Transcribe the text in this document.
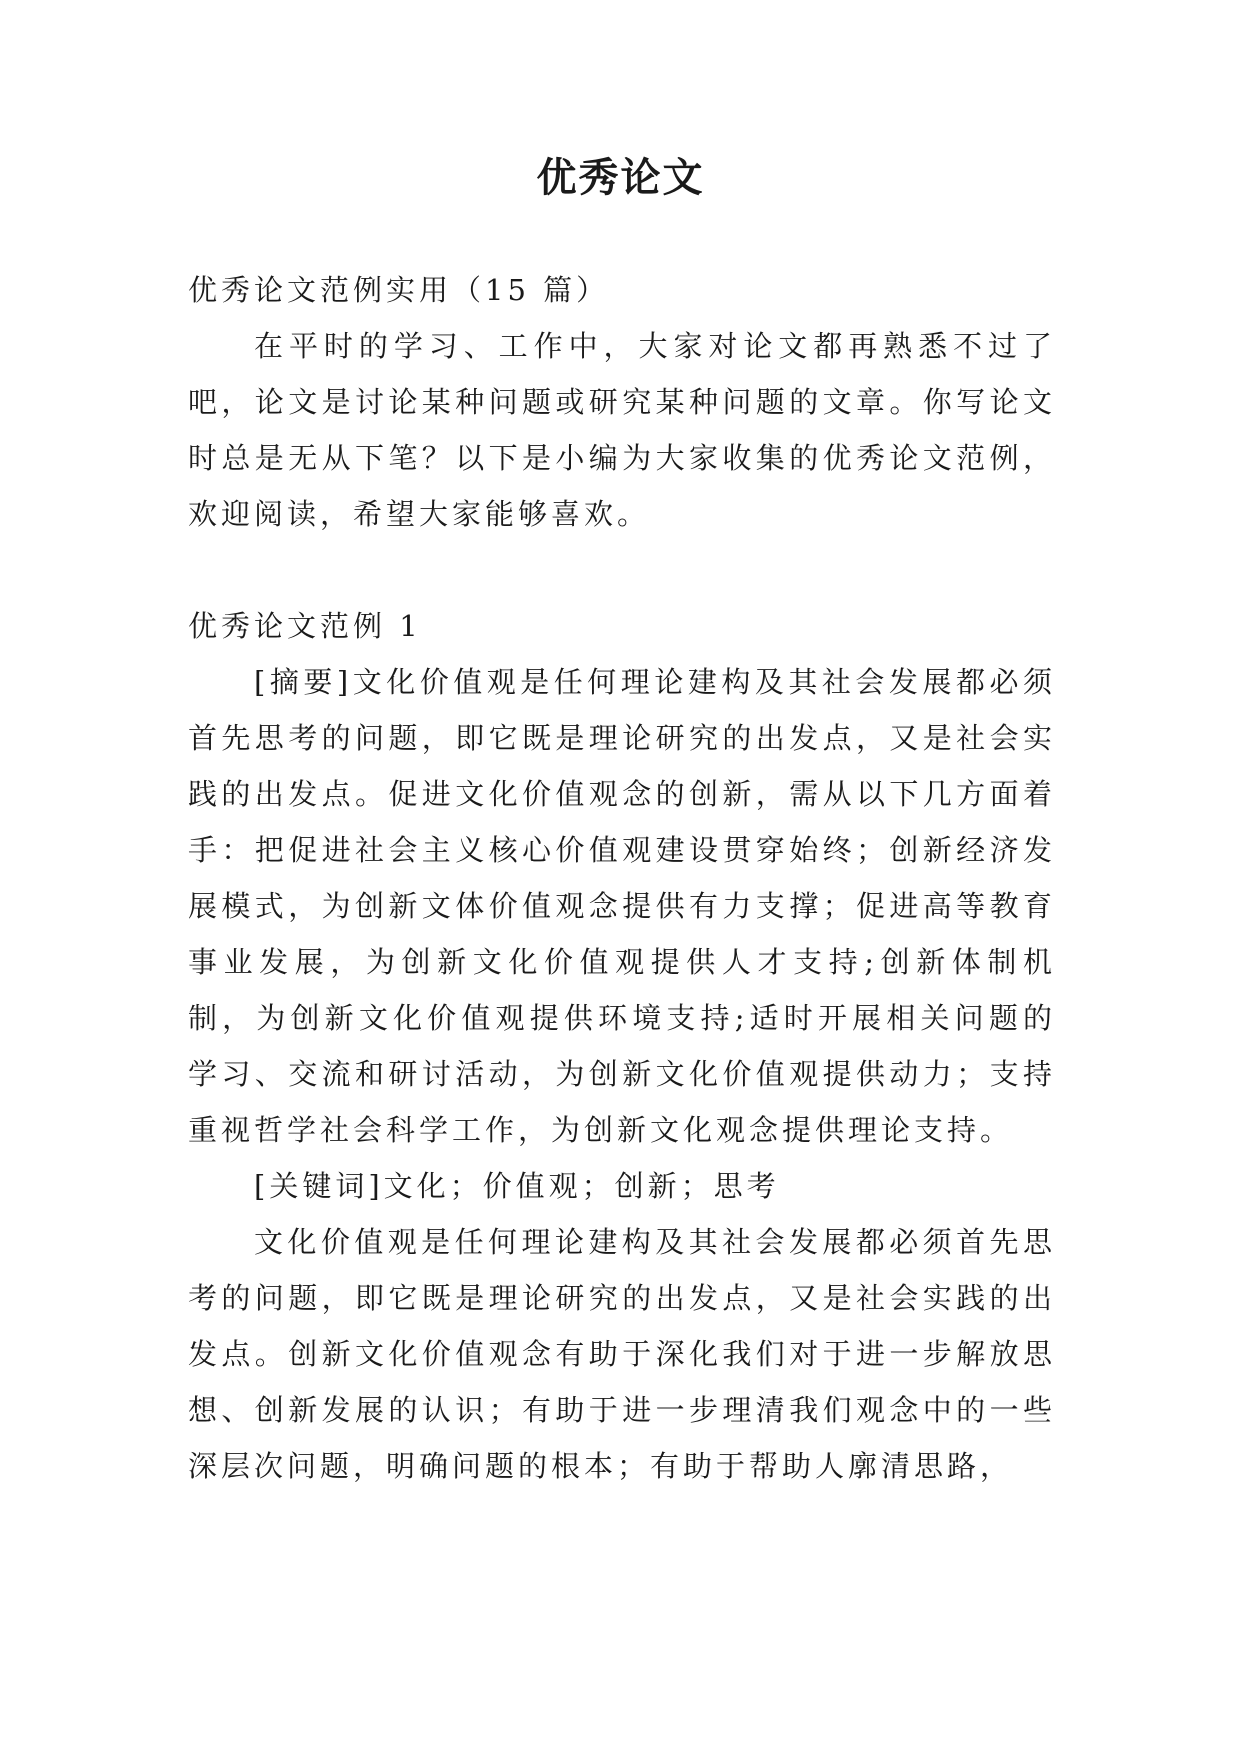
优秀论文

优秀论文范例实用（15 篇）

在平时的学习、工作中，大家对论文都再熟悉不过了吧，论文是讨论某种问题或研究某种问题的文章。你写论文时总是无从下笔？以下是小编为大家收集的优秀论文范例，欢迎阅读，希望大家能够喜欢。

优秀论文范例 1

[摘要]文化价值观是任何理论建构及其社会发展都必须首先思考的问题，即它既是理论研究的出发点，又是社会实践的出发点。促进文化价值观念的创新，需从以下几方面着手：把促进社会主义核心价值观建设贯穿始终；创新经济发展模式，为创新文体价值观念提供有力支撑；促进高等教育事业发展，为创新文化价值观提供人才支持;创新体制机制，为创新文化价值观提供环境支持;适时开展相关问题的学习、交流和研讨活动，为创新文化价值观提供动力；支持重视哲学社会科学工作，为创新文化观念提供理论支持。

[关键词]文化；价值观；创新；思考

文化价值观是任何理论建构及其社会发展都必须首先思考的问题，即它既是理论研究的出发点，又是社会实践的出发点。创新文化价值观念有助于深化我们对于进一步解放思想、创新发展的认识；有助于进一步理清我们观念中的一些深层次问题，明确问题的根本；有助于帮助人廓清思路，
